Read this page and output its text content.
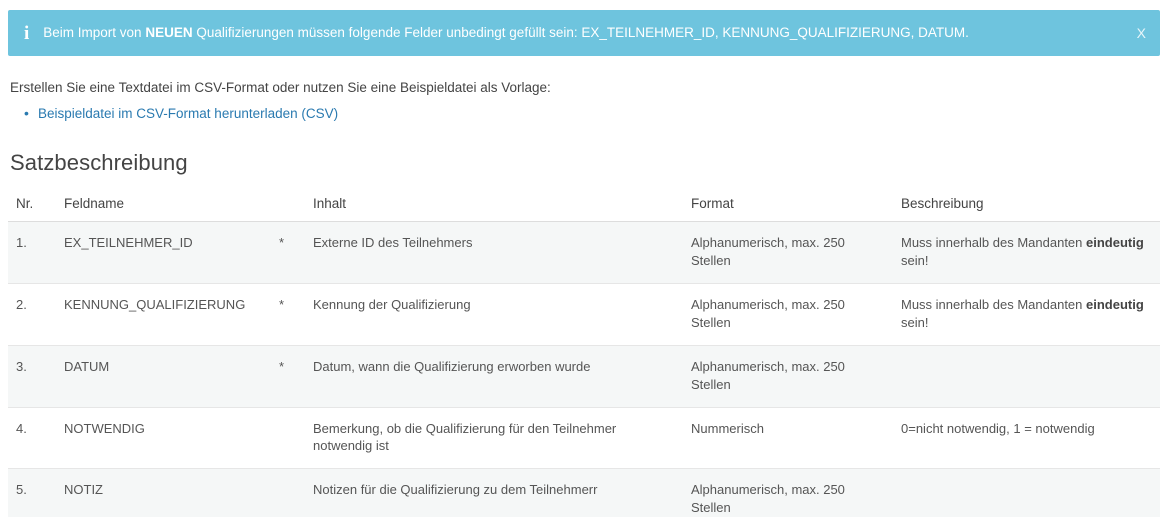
i Beim Import von NEUEN Qualifizierungen müssen folgende Felder unbedingt gefüllt sein: EX_TEILNEHMER_ID, KENNUNG_QUALIFIZIERUNG, DATUM.	X

Erstellen Sie eine Textdatei im CSV-Format oder nutzen Sie eine Beispieldatei als Vorlage:

• Beispieldatei im CSV-Format herunterladen (CSV)
Satzbeschreibung
Nr.	Feldname		Inhalt	Format	Beschreibung
1.	EX_TEILNEHMER_ID	*	Externe ID des Teilnehmers	Alphanumerisch, max. 250 Stellen	Muss innerhalb des Mandanten eindeutig sein!
2.	KENNUNG_QUALIFIZIERUNG	*	Kennung der Qualifizierung	Alphanumerisch, max. 250 Stellen	Muss innerhalb des Mandanten eindeutig sein!
3.	DATUM	*	Datum, wann die Qualifizierung erworben wurde	Alphanumerisch, max. 250 Stellen	
4.	NOTWENDIG		Bemerkung, ob die Qualifizierung für den Teilnehmer notwendig ist	Nummerisch	0=nicht notwendig, 1 = notwendig
5.	NOTIZ		Notizen für die Qualifizierung zu dem Teilnehmerr	Alphanumerisch, max. 250 Stellen	
